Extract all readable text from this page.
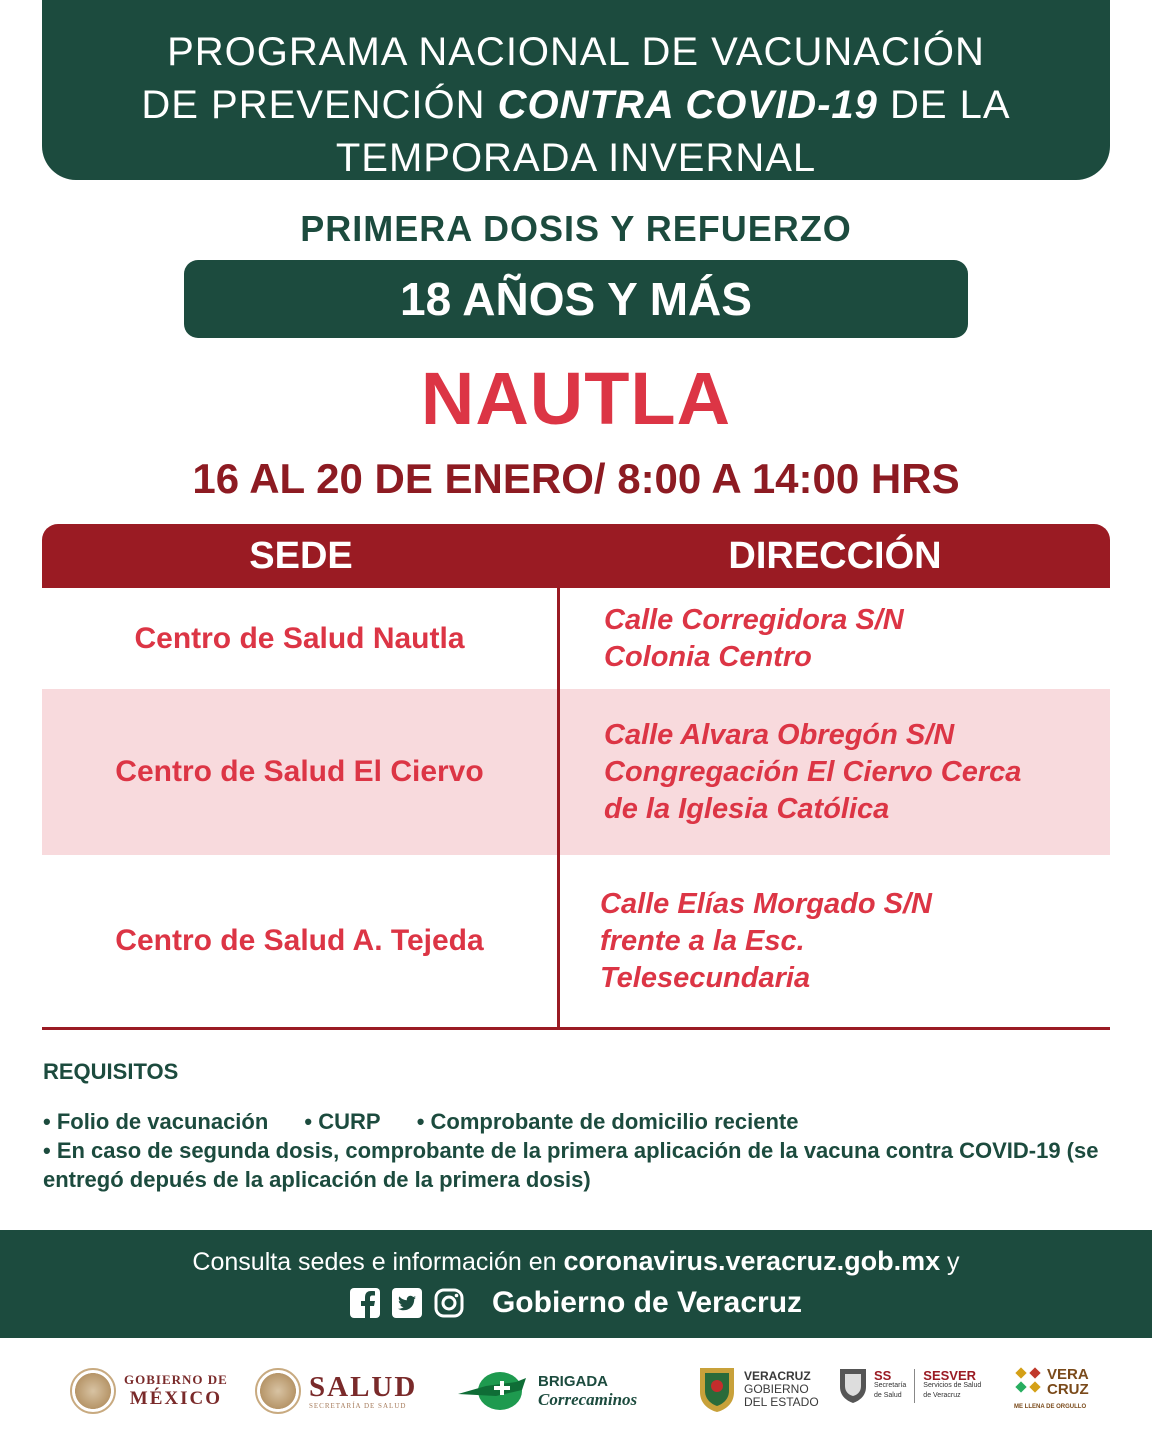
PROGRAMA NACIONAL DE VACUNACIÓN
DE PREVENCIÓN CONTRA COVID-19 DE LA
TEMPORADA INVERNAL
PRIMERA DOSIS Y REFUERZO
18 AÑOS Y MÁS
NAUTLA
16 AL 20 DE ENERO/ 8:00 A 14:00 HRS
SEDE	DIRECCIÓN
Centro de Salud Nautla
Calle Corregidora S/N
Colonia Centro
Centro de Salud El Ciervo
Calle Alvara Obregón S/N
Congregación El Ciervo Cerca
de la Iglesia Católica
Centro de Salud A. Tejeda
Calle Elías Morgado S/N
frente a la Esc.
Telesecundaria
REQUISITOS
• Folio de vacunación • CURP • Comprobante de domicilio reciente
• En caso de segunda dosis, comprobante de la primera aplicación de la vacuna contra COVID-19 (se entregó depués de la aplicación de la primera dosis)
Consulta sedes e información en coronavirus.veracruz.gob.mx y
Gobierno de Veracruz
GOBIERNO DE
MÉXICO	SALUD
SECRETARÍA DE SALUD
BRIGADA
Correcaminos
VERACRUZ
GOBIERNO
DEL ESTADO
SS
Secretaría
de Salud
SESVER
Servicios de Salud
de Veracruz
VERA
CRUZ
ME LLENA DE ORGULLO
